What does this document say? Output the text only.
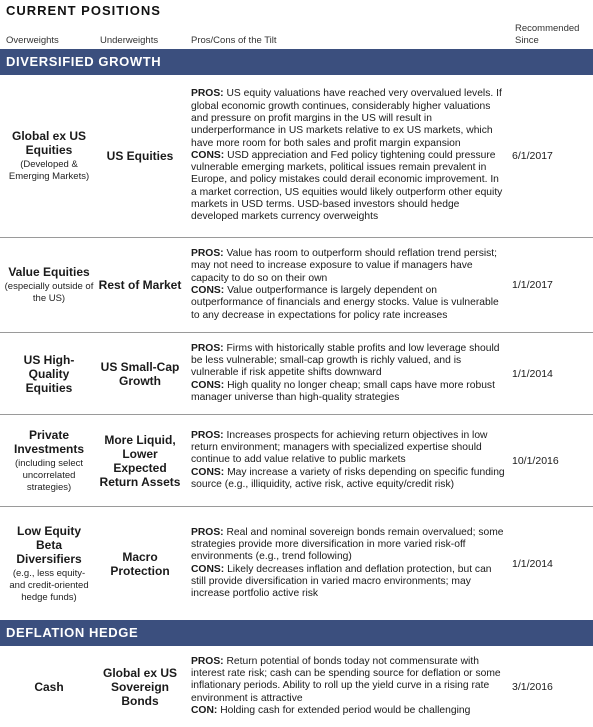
CURRENT POSITIONS
Overweights	Underweights	Pros/Cons of the Tilt
Recommended
Since
DIVERSIFIED GROWTH
Global ex US Equities
(Developed & Emerging Markets)
US Equities

PROS: US equity valuations have reached very overvalued levels. If global economic growth continues, considerably higher valuations and pressure on profit margins in the US will result in underperformance in US markets relative to ex US markets, which have more room for both sales and profit margin expansion
CONS: USD appreciation and Fed policy tightening could pressure vulnerable emerging markets, political issues remain prevalent in Europe, and policy mistakes could derail economic improvement. In a market correction, US equities would likely outperform other equity markets in USD terms. USD-based investors should hedge developed markets currency overweights

6/1/2017
Value Equities
(especially outside of the US)
Rest of Market

PROS: Value has room to outperform should reflation trend persist; may not need to increase exposure to value if managers have capacity to do so on their own
CONS: Value outperformance is largely dependent on outperformance of financials and energy stocks. Value is vulnerable to any decrease in expectations for policy rate increases

1/1/2017
US High-Quality Equities
US Small-Cap Growth

PROS: Firms with historically stable profits and low leverage should be less vulnerable; small-cap growth is richly valued, and is vulnerable if risk appetite shifts downward
CONS: High quality no longer cheap; small caps have more robust manager universe than high-quality strategies

1/1/2014
Private Investments
(including select uncorrelated strategies)
More Liquid, Lower Expected Return Assets

PROS: Increases prospects for achieving return objectives in low return environment; managers with specialized expertise should continue to add value relative to public markets
CONS: May increase a variety of risks depending on specific funding source (e.g., illiquidity, active risk, active equity/credit risk)

10/1/2016
Low Equity Beta Diversifiers
(e.g., less equity- and credit-oriented hedge funds)
Macro Protection

PROS: Real and nominal sovereign bonds remain overvalued; some strategies provide more diversification in more varied risk-off environments (e.g., trend following)
CONS: Likely decreases inflation and deflation protection, but can still provide diversification in varied macro environments; may increase portfolio active risk

1/1/2014
DEFLATION HEDGE
Cash
Global ex US Sovereign Bonds

PROS: Return potential of bonds today not commensurate with interest rate risk; cash can be spending source for deflation or some inflationary periods. Ability to roll up the yield curve in a rising rate environment is attractive
CON: Holding cash for extended period would be challenging

3/1/2016
